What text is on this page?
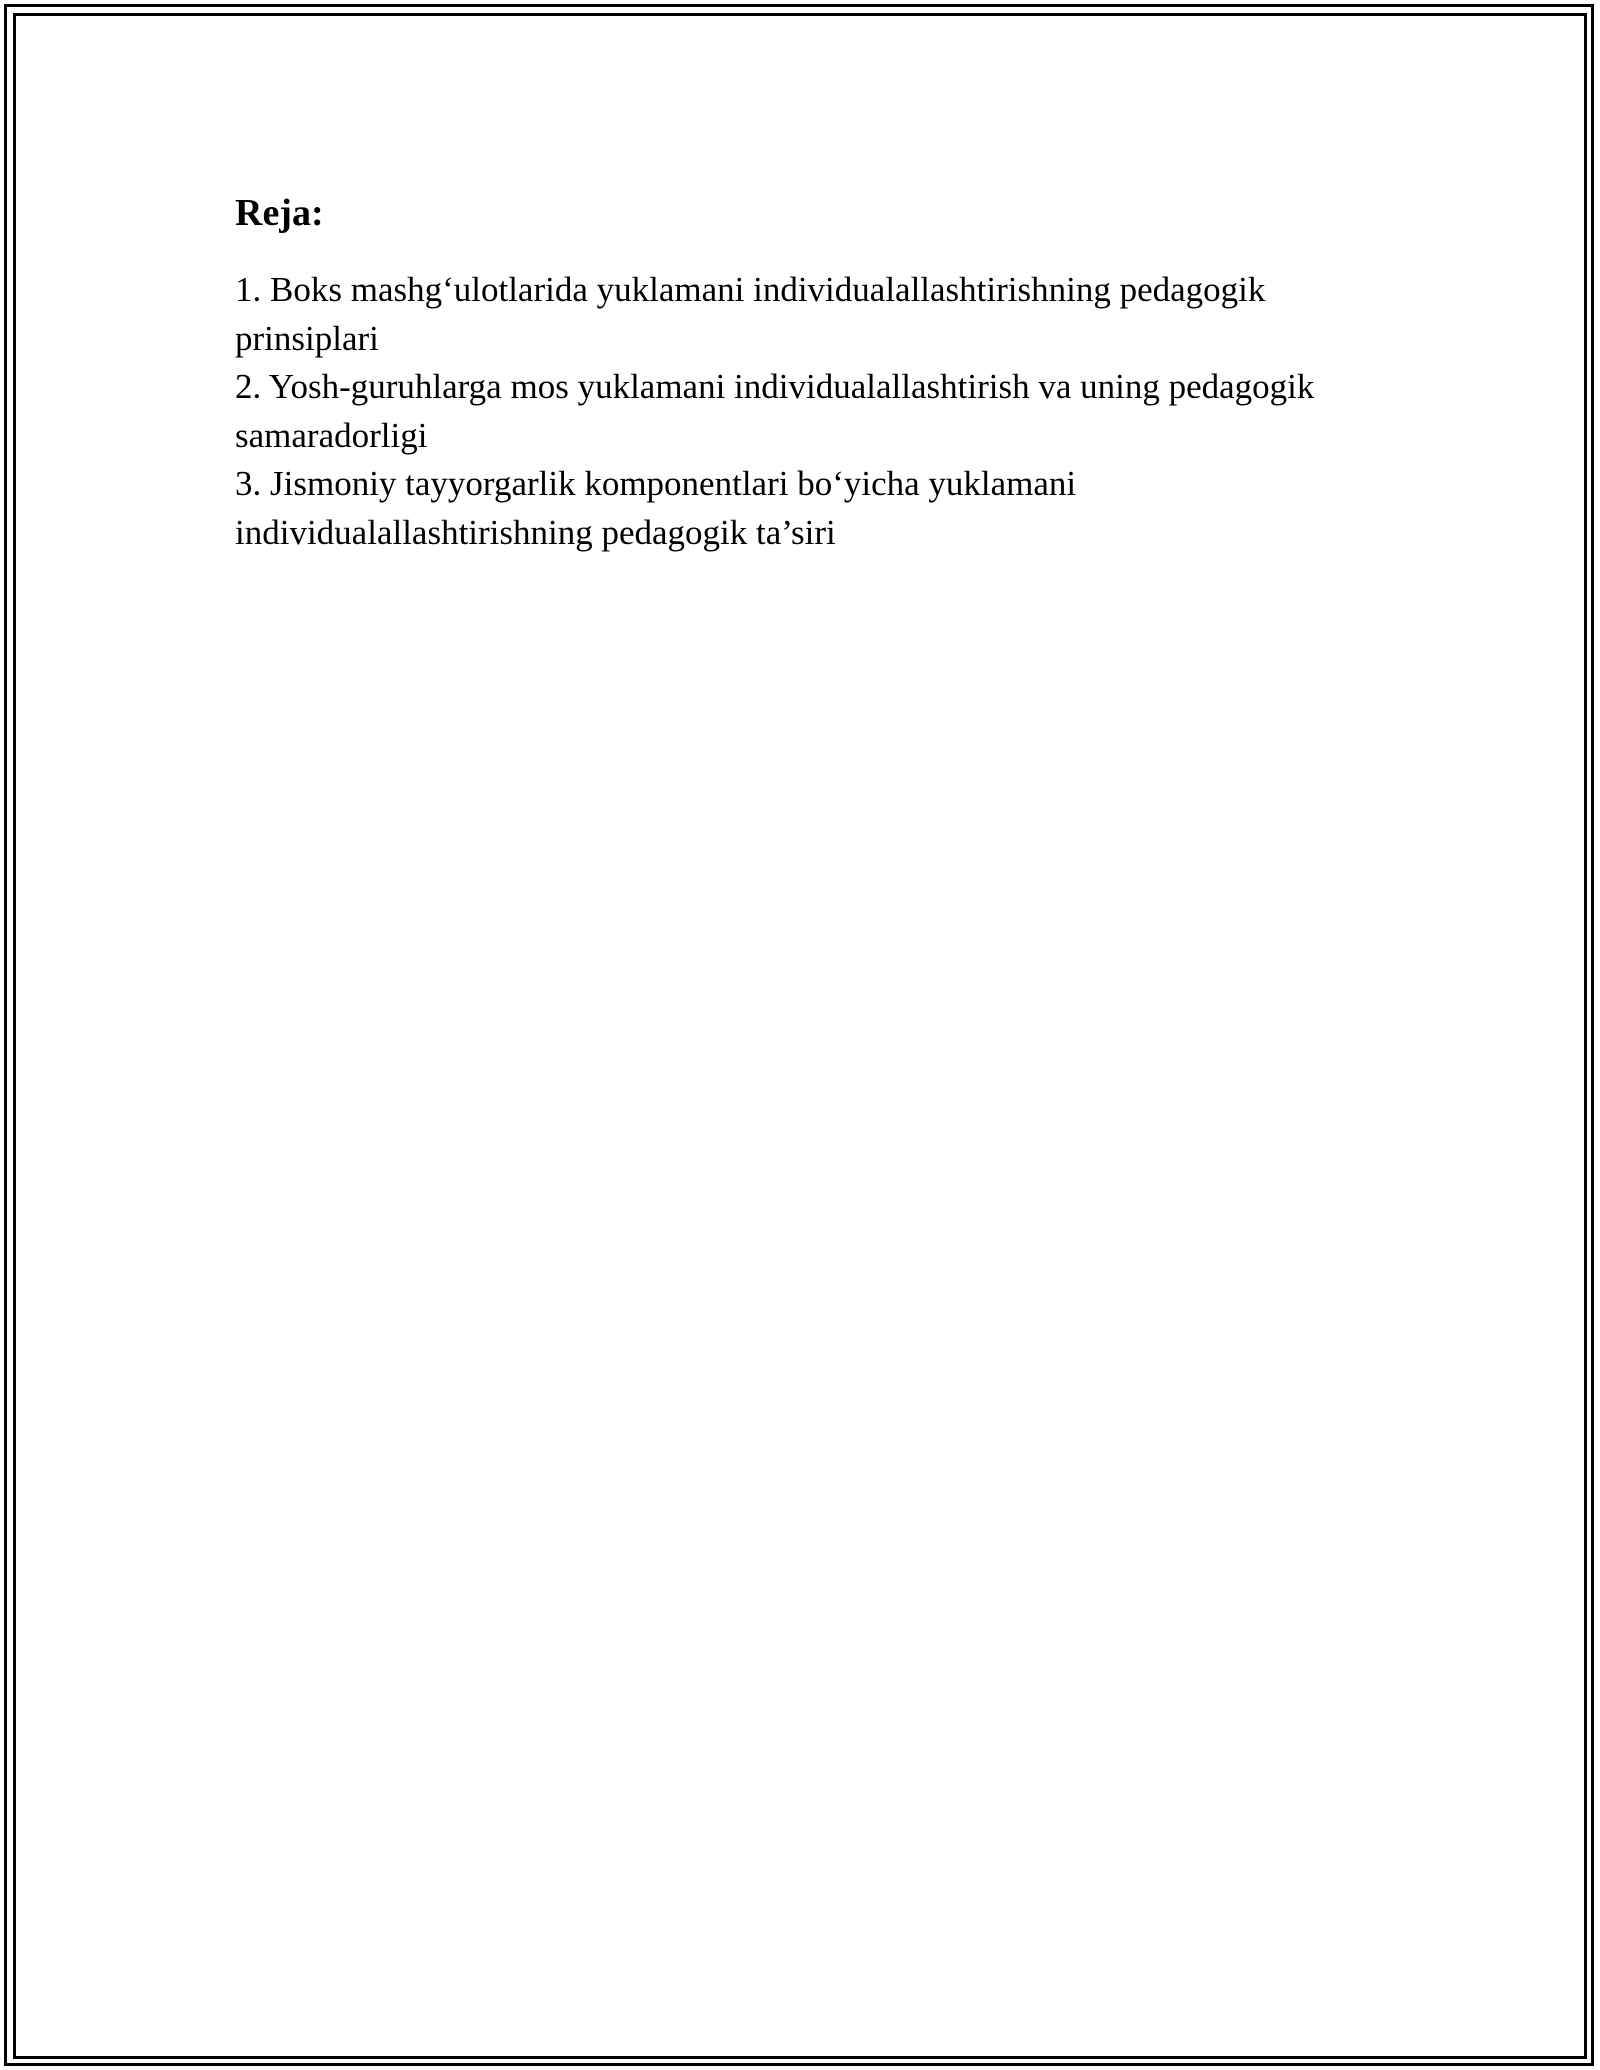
Reja:
1. Boks mashg‘ulotlarida yuklamani individualallashtirishning pedagogik prinsiplari
2. Yosh-guruhlarga mos yuklamani individualallashtirish va uning pedagogik samaradorligi
3. Jismoniy tayyorgarlik komponentlari bo‘yicha yuklamani individualallashtirishning pedagogik ta’siri
